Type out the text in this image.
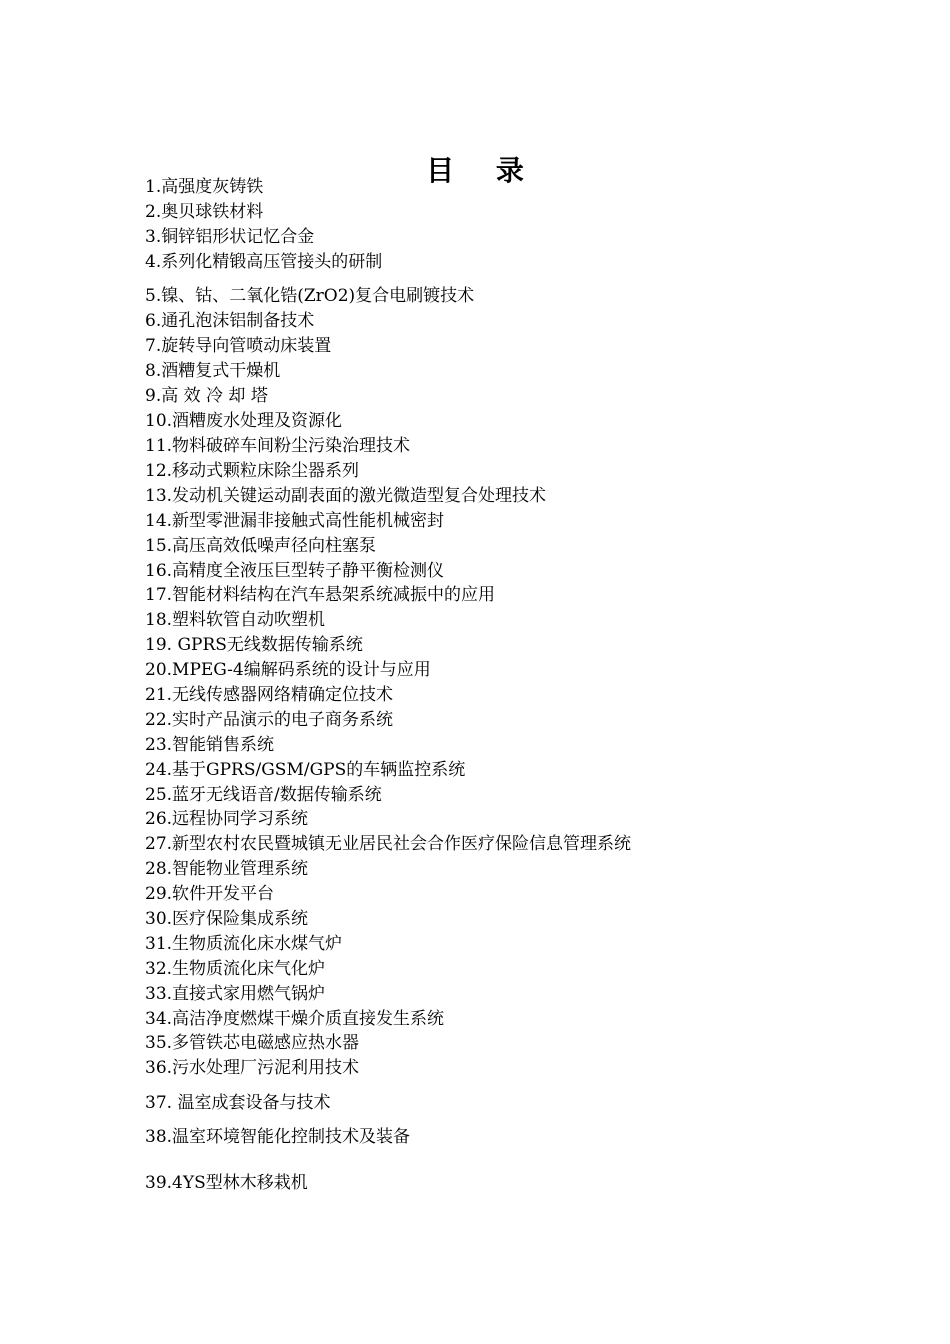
目 录
1.高强度灰铸铁
2.奥贝球铁材料
3.铜锌铝形状记忆合金
4.系列化精锻高压管接头的研制
5.镍、钴、二氧化锆(ZrO2)复合电刷镀技术
6.通孔泡沫铝制备技术
7.旋转导向管喷动床装置
8.酒糟复式干燥机
9.高 效 冷 却 塔
10.酒糟废水处理及资源化
11.物料破碎车间粉尘污染治理技术
12.移动式颗粒床除尘器系列
13.发动机关键运动副表面的激光微造型复合处理技术
14.新型零泄漏非接触式高性能机械密封
15.高压高效低噪声径向柱塞泵
16.高精度全液压巨型转子静平衡检测仪
17.智能材料结构在汽车悬架系统减振中的应用
18.塑料软管自动吹塑机
19. GPRS无线数据传输系统
20.MPEG-4编解码系统的设计与应用
21.无线传感器网络精确定位技术
22.实时产品演示的电子商务系统
23.智能销售系统
24.基于GPRS/GSM/GPS的车辆监控系统
25.蓝牙无线语音/数据传输系统
26.远程协同学习系统
27.新型农村农民暨城镇无业居民社会合作医疗保险信息管理系统
28.智能物业管理系统
29.软件开发平台
30.医疗保险集成系统
31.生物质流化床水煤气炉
32.生物质流化床气化炉
33.直接式家用燃气锅炉
34.高洁净度燃煤干燥介质直接发生系统
35.多管铁芯电磁感应热水器
36.污水处理厂污泥利用技术
37. 温室成套设备与技术
38.温室环境智能化控制技术及装备
39.4YS型林木移栽机
